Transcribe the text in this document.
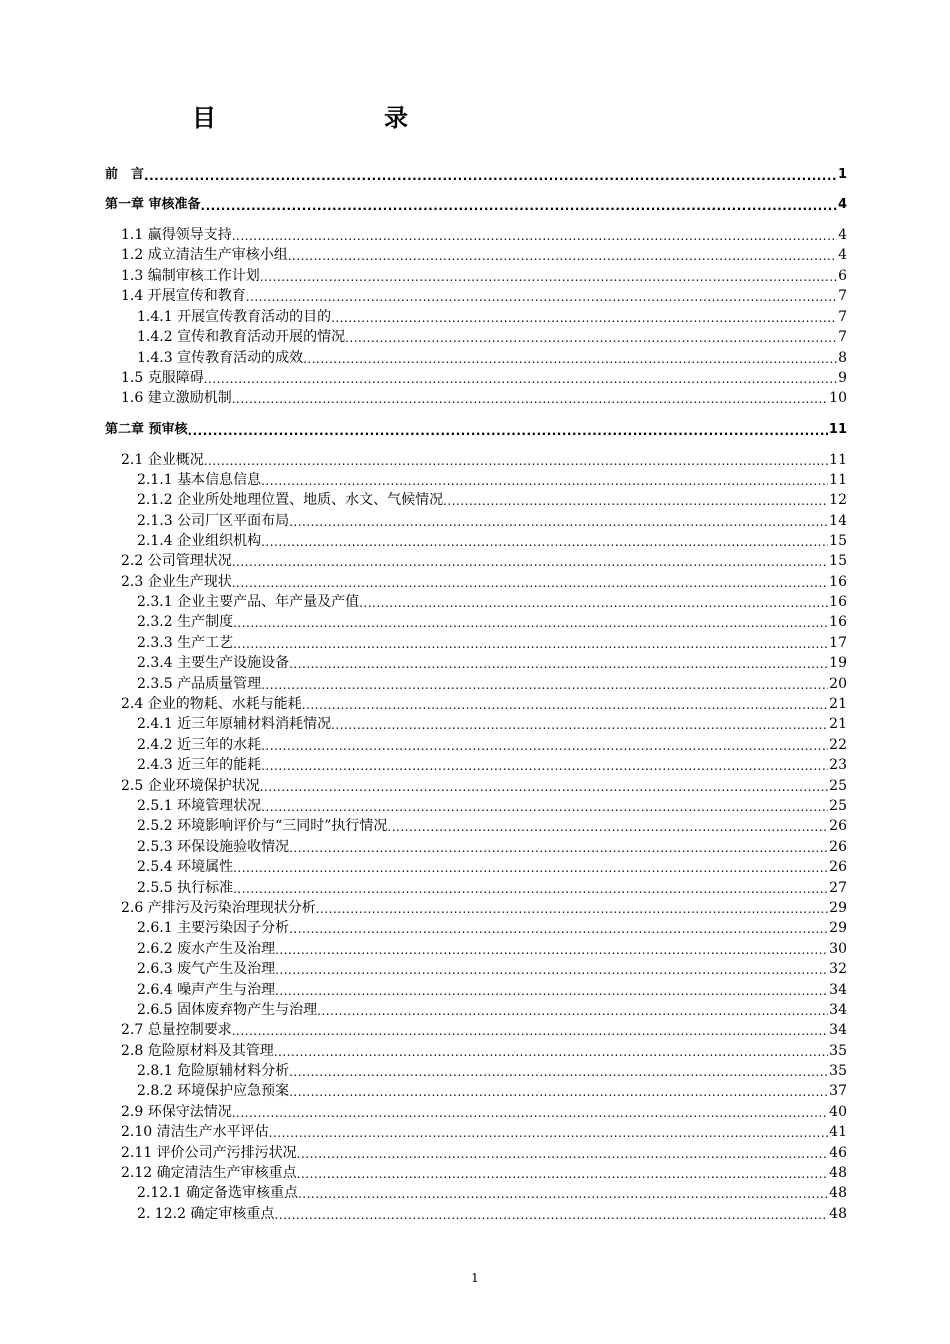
目　　录
前　言 .....	1
第一章 审核准备 .....	4
1.1 赢得领导支持 .....	4
1.2 成立清洁生产审核小组 .....	4
1.3 编制审核工作计划 .....	6
1.4 开展宣传和教育 .....	7
1.4.1 开展宣传教育活动的目的 .....	7
1.4.2 宣传和教育活动开展的情况 .....	7
1.4.3 宣传教育活动的成效 .....	8
1.5 克服障碍 .....	9
1.6 建立激励机制 .....	10
第二章 预审核 .....	11
2.1 企业概况 .....	11
2.1.1 基本信息信息 .....	11
2.1.2 企业所处地理位置、地质、水文、气候情况 .....	12
2.1.3 公司厂区平面布局 .....	14
2.1.4 企业组织机构 .....	15
2.2 公司管理状况 .....	15
2.3 企业生产现状 .....	16
2.3.1 企业主要产品、年产量及产值 .....	16
2.3.2 生产制度 .....	16
2.3.3 生产工艺 .....	17
2.3.4 主要生产设施设备 .....	19
2.3.5 产品质量管理 .....	20
2.4 企业的物耗、水耗与能耗 .....	21
2.4.1 近三年原辅材料消耗情况 .....	21
2.4.2 近三年的水耗 .....	22
2.4.3 近三年的能耗 .....	23
2.5 企业环境保护状况 .....	25
2.5.1 环境管理状况 .....	25
2.5.2 环境影响评价与“三同时”执行情况 .....	26
2.5.3 环保设施验收情况 .....	26
2.5.4 环境属性 .....	26
2.5.5 执行标准 .....	27
2.6 产排污及污染治理现状分析 .....	29
2.6.1 主要污染因子分析 .....	29
2.6.2 废水产生及治理 .....	30
2.6.3 废气产生及治理 .....	32
2.6.4 噪声产生与治理 .....	34
2.6.5 固体废弃物产生与治理 .....	34
2.7 总量控制要求 .....	34
2.8 危险原材料及其管理 .....	35
2.8.1 危险原辅材料分析 .....	35
2.8.2 环境保护应急预案 .....	37
2.9 环保守法情况 .....	40
2.10 清洁生产水平评估 .....	41
2.11 评价公司产污排污状况 .....	46
2.12 确定清洁生产审核重点 .....	48
2.12.1 确定备选审核重点 .....	48
2. 12.2 确定审核重点 .....	48
1
